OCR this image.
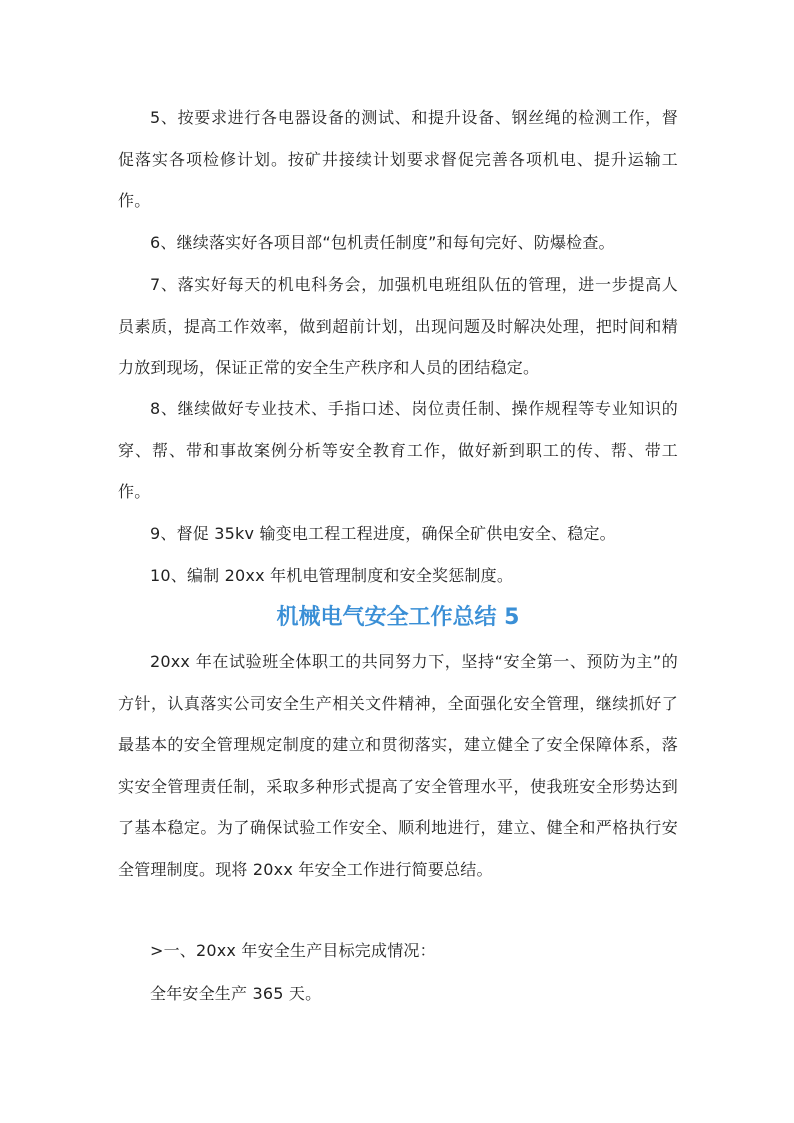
5、按要求进行各电器设备的测试、和提升设备、钢丝绳的检测工作，督促落实各项检修计划。按矿井接续计划要求督促完善各项机电、提升运输工作。

6、继续落实好各项目部“包机责任制度”和每旬完好、防爆检查。

7、落实好每天的机电科务会，加强机电班组队伍的管理，进一步提高人员素质，提高工作效率，做到超前计划，出现问题及时解决处理，把时间和精力放到现场，保证正常的安全生产秩序和人员的团结稳定。

8、继续做好专业技术、手指口述、岗位责任制、操作规程等专业知识的穿、帮、带和事故案例分析等安全教育工作，做好新到职工的传、帮、带工作。

9、督促 35kv 输变电工程工程进度，确保全矿供电安全、稳定。

10、编制 20xx 年机电管理制度和安全奖惩制度。

机械电气安全工作总结 5

20xx 年在试验班全体职工的共同努力下，坚持“安全第一、预防为主”的方针，认真落实公司安全生产相关文件精神，全面强化安全管理，继续抓好了最基本的安全管理规定制度的建立和贯彻落实，建立健全了安全保障体系，落实安全管理责任制，采取多种形式提高了安全管理水平，使我班安全形势达到了基本稳定。为了确保试验工作安全、顺利地进行，建立、健全和严格执行安全管理制度。现将 20xx 年安全工作进行简要总结。

>一、20xx 年安全生产目标完成情况：

全年安全生产 365 天。
